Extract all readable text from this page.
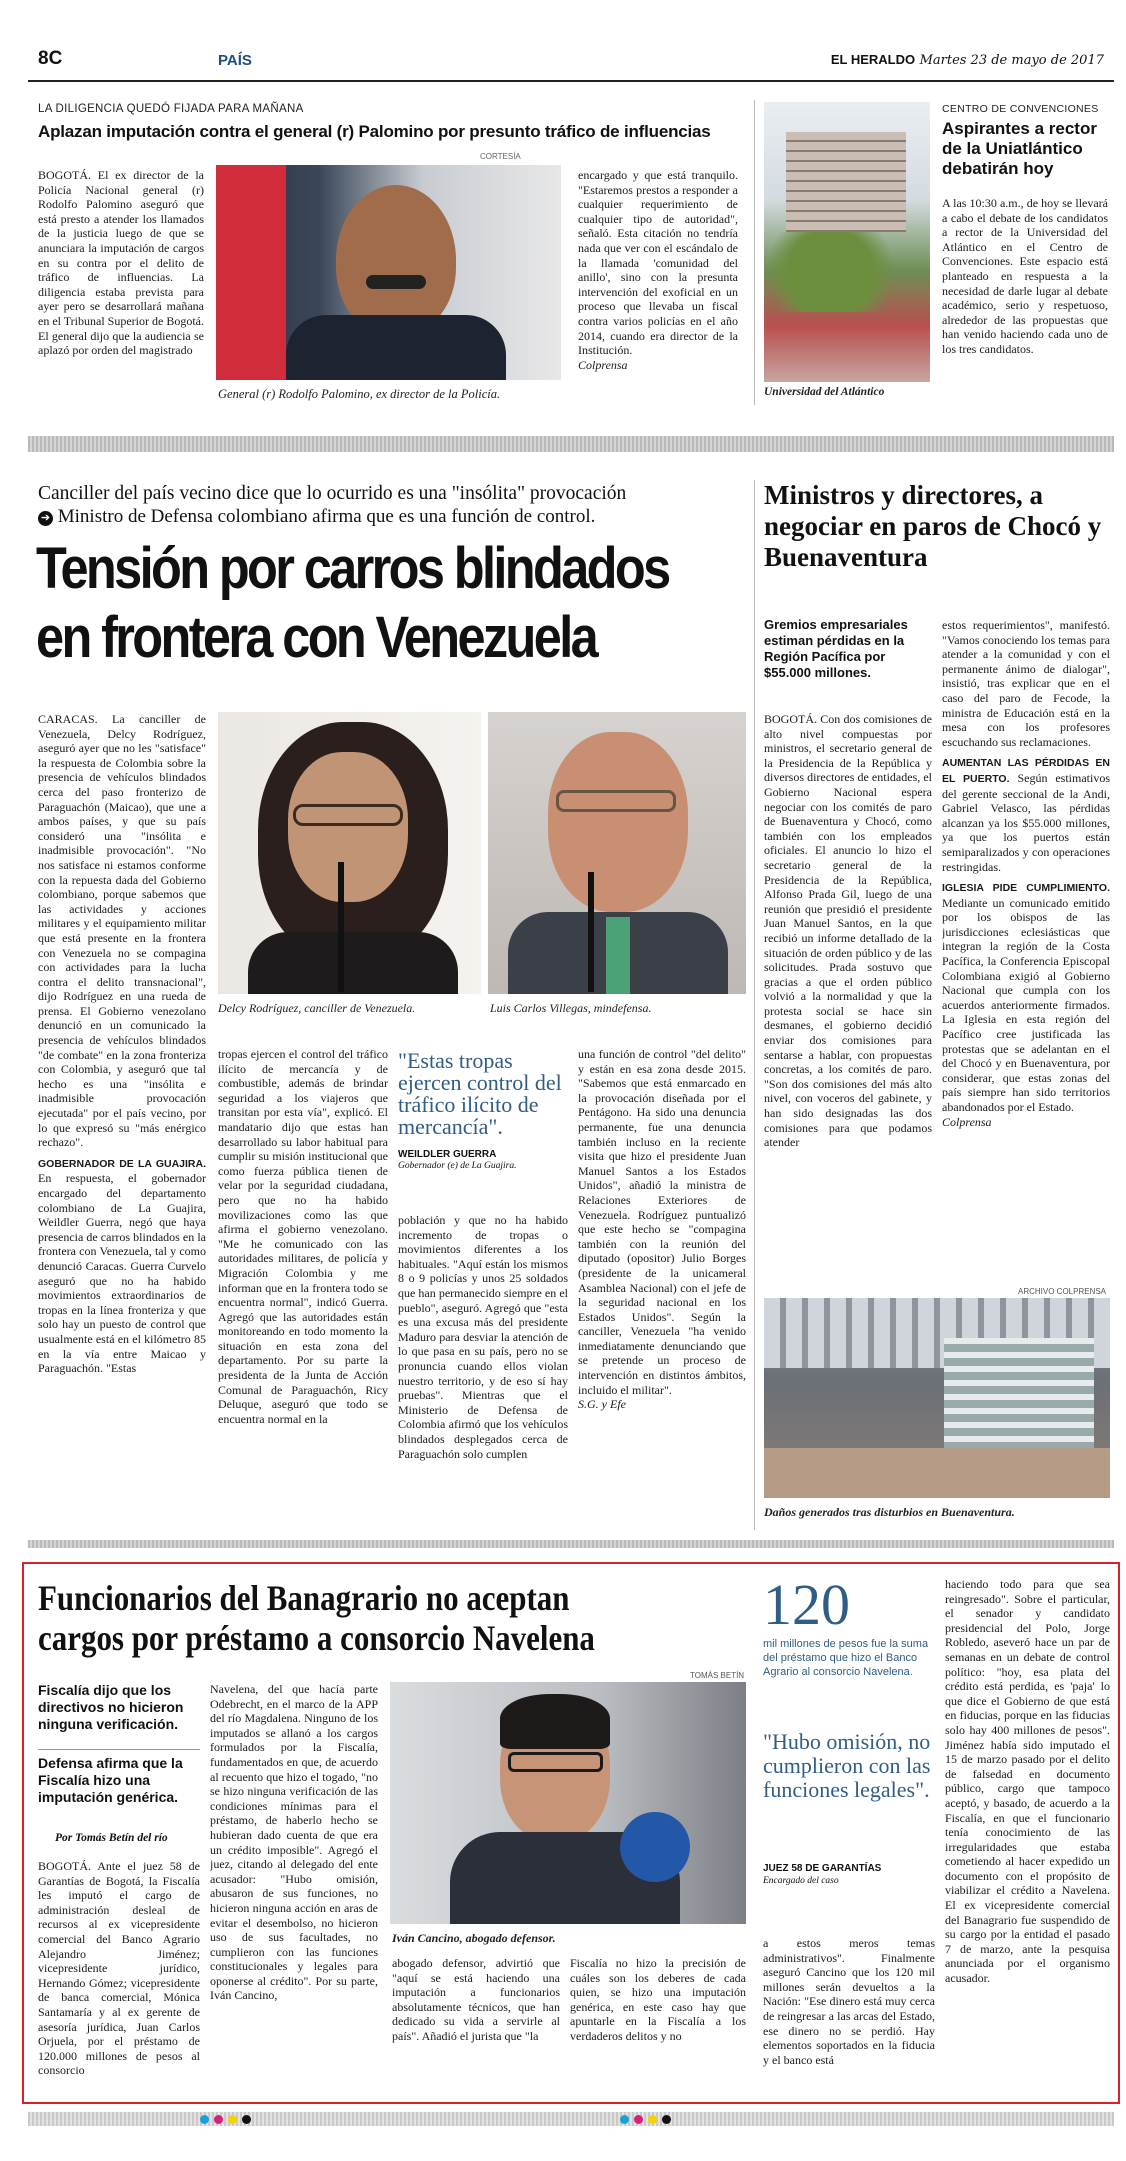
8C	PAÍS	EL HERALDO Martes 23 de mayo de 2017
LA DILIGENCIA QUEDÓ FIJADA PARA MAÑANA
Aplazan imputación contra el general (r) Palomino por presunto tráfico de influencias
CORTESÍA

BOGOTÁ. El ex director de la Policía Nacional general (r) Rodolfo Palomino aseguró que está presto a atender los llamados de la justicia luego de que se anunciara la imputación de cargos en su contra por el delito de tráfico de influencias. La diligencia estaba prevista para ayer pero se desarrollará mañana en el Tribunal Superior de Bogotá. El general dijo que la audiencia se aplazó por orden del magistrado

General (r) Rodolfo Palomino, ex director de la Policía.

encargado y que está tranquilo. "Estaremos prestos a responder a cualquier requerimiento de cualquier tipo de autoridad", señaló. Esta citación no tendría nada que ver con el escándalo de la llamada 'comunidad del anillo', sino con la presunta intervención del exoficial en un proceso que llevaba un fiscal contra varios policías en el año 2014, cuando era director de la Institución.

Colprensa

Universidad del Atlántico
CENTRO DE CONVENCIONES
Aspirantes a rector de la Uniatlántico debatirán hoy

A las 10:30 a.m., de hoy se llevará a cabo el debate de los candidatos a rector de la Universidad del Atlántico en el Centro de Convenciones. Este espacio está planteado en respuesta a la necesidad de darle lugar al debate académico, serio y respetuoso, alrededor de las propuestas que han venido haciendo cada uno de los tres candidatos.

Canciller del país vecino dice que lo ocurrido es una "insólita" provocación
➔ Ministro de Defensa colombiano afirma que es una función de control.
Tensión por carros blindados
en frontera con Venezuela

CARACAS. La canciller de Venezuela, Delcy Rodríguez, aseguró ayer que no les "satisface" la respuesta de Colombia sobre la presencia de vehículos blindados cerca del paso fronterizo de Paraguachón (Maicao), que une a ambos países, y que su país consideró una "insólita e inadmisible provocación". "No nos satisface ni estamos conforme con la repuesta dada del Gobierno colombiano, porque sabemos que las actividades y acciones militares y el equipamiento militar que está presente en la frontera con Venezuela no se compagina con actividades para la lucha contra el delito transnacional", dijo Rodríguez en una rueda de prensa. El Gobierno venezolano denunció en un comunicado la presencia de vehículos blindados "de combate" en la zona fronteriza con Colombia, y aseguró que tal hecho es una "insólita e inadmisible provocación ejecutada" por el país vecino, por lo que expresó su "más enérgico rechazo".

GOBERNADOR DE LA GUAJIRA. En respuesta, el gobernador encargado del departamento colombiano de La Guajira, Weildler Guerra, negó que haya presencia de carros blindados en la frontera con Venezuela, tal y como denunció Caracas. Guerra Curvelo aseguró que no ha habido movimientos extraordinarios de tropas en la línea fronteriza y que solo hay un puesto de control que usualmente está en el kilómetro 85 en la vía entre Maicao y Paraguachón. "Estas

Delcy Rodríguez, canciller de Venezuela.	Luis Carlos Villegas, mindefensa.

tropas ejercen el control del tráfico ilícito de mercancía y de combustible, además de brindar seguridad a los viajeros que transitan por esta vía", explicó. El mandatario dijo que estas han desarrollado su labor habitual para cumplir su misión institucional que como fuerza pública tienen de velar por la seguridad ciudadana, pero que no ha habido movilizaciones como las que afirma el gobierno venezolano. "Me he comunicado con las autoridades militares, de policía y Migración Colombia y me informan que en la frontera todo se encuentra normal", indicó Guerra. Agregó que las autoridades están monitoreando en todo momento la situación en esta zona del departamento. Por su parte la presidenta de la Junta de Acción Comunal de Paraguachón, Ricy Deluque, aseguró que todo se encuentra normal en la

"Estas tropas ejercen control del tráfico ilícito de mercancía".
WEILDLER GUERRA
Gobernador (e) de La Guajira.

población y que no ha habido incremento de tropas o movimientos diferentes a los habituales. "Aquí están los mismos 8 o 9 policías y unos 25 soldados que han permanecido siempre en el pueblo", aseguró. Agregó que "esta es una excusa más del presidente Maduro para desviar la atención de lo que pasa en su país, pero no se pronuncia cuando ellos violan nuestro territorio, y de eso sí hay pruebas". Mientras que el Ministerio de Defensa de Colombia afirmó que los vehículos blindados desplegados cerca de Paraguachón solo cumplen

una función de control "del delito" y están en esa zona desde 2015. "Sabemos que está enmarcado en la provocación diseñada por el Pentágono. Ha sido una denuncia permanente, fue una denuncia también incluso en la reciente visita que hizo el presidente Juan Manuel Santos a los Estados Unidos", añadió la ministra de Relaciones Exteriores de Venezuela. Rodríguez puntualizó que este hecho se "compagina también con la reunión del diputado (opositor) Julio Borges (presidente de la unicameral Asamblea Nacional) con el jefe de la seguridad nacional en los Estados Unidos". Según la canciller, Venezuela "ha venido inmediatamente denunciando que se pretende un proceso de intervención en distintos ámbitos, incluido el militar".

S.G. y Efe

Ministros y directores, a negociar en paros de Chocó y Buenaventura
Gremios empresariales estiman pérdidas en la Región Pacífica por $55.000 millones.

BOGOTÁ. Con dos comisiones de alto nivel compuestas por ministros, el secretario general de la Presidencia de la República y diversos directores de entidades, el Gobierno Nacional espera negociar con los comités de paro de Buenaventura y Chocó, como también con los empleados oficiales. El anuncio lo hizo el secretario general de la Presidencia de la República, Alfonso Prada Gil, luego de una reunión que presidió el presidente Juan Manuel Santos, en la que recibió un informe detallado de la situación de orden público y de las solicitudes. Prada sostuvo que gracias a que el orden público volvió a la normalidad y que la protesta social se hace sin desmanes, el gobierno decidió enviar dos comisiones para sentarse a hablar, con propuestas concretas, a los comités de paro. "Son dos comisiones del más alto nivel, con voceros del gabinete, y han sido designadas las dos comisiones para que podamos atender

estos requerimientos", manifestó. "Vamos conociendo los temas para atender a la comunidad y con el permanente ánimo de dialogar", insistió, tras explicar que en el caso del paro de Fecode, la ministra de Educación está en la mesa con los profesores escuchando sus reclamaciones.

AUMENTAN LAS PÉRDIDAS EN EL PUERTO. Según estimativos del gerente seccional de la Andi, Gabriel Velasco, las pérdidas alcanzan ya los $55.000 millones, ya que los puertos están semiparalizados y con operaciones restringidas.

IGLESIA PIDE CUMPLIMIENTO. Mediante un comunicado emitido por los obispos de las jurisdicciones eclesiásticas que integran la región de la Costa Pacífica, la Conferencia Episcopal Colombiana exigió al Gobierno Nacional que cumpla con los acuerdos anteriormente firmados. La Iglesia en esta región del Pacífico cree justificada las protestas que se adelantan en el del Chocó y en Buenaventura, por considerar, que estas zonas del país siempre han sido territorios abandonados por el Estado.

Colprensa

ARCHIVO COLPRENSA
Daños generados tras disturbios en Buenaventura.
Funcionarios del Banagrario no aceptan
cargos por préstamo a consorcio Navelena
Fiscalía dijo que los directivos no hicieron ninguna verificación.
Defensa afirma que la Fiscalía hizo una imputación genérica.
Por Tomás Betín del río

BOGOTÁ. Ante el juez 58 de Garantías de Bogotá, la Fiscalía les imputó el cargo de administración desleal de recursos al ex vicepresidente comercial del Banco Agrario Alejandro Jiménez; vicepresidente jurídico, Hernando Gómez; vicepresidente de banca comercial, Mónica Santamaría y al ex gerente de asesoría jurídica, Juan Carlos Orjuela, por el préstamo de 120.000 millones de pesos al consorcio

Navelena, del que hacía parte Odebrecht, en el marco de la APP del río Magdalena. Ninguno de los imputados se allanó a los cargos formulados por la Fiscalía, fundamentados en que, de acuerdo al recuento que hizo el togado, "no se hizo ninguna verificación de las condiciones mínimas para el préstamo, de haberlo hecho se hubieran dado cuenta de que era un crédito imposible". Agregó el juez, citando al delegado del ente acusador: "Hubo omisión, abusaron de sus funciones, no hicieron ninguna acción en aras de evitar el desembolso, no hicieron uso de sus facultades, no cumplieron con las funciones constitucionales y legales para oponerse al crédito". Por su parte, Iván Cancino,

TOMÁS BETÍN
Iván Cancino, abogado defensor.

abogado defensor, advirtió que "aquí se está haciendo una imputación a funcionarios absolutamente técnicos, que han dedicado su vida a servirle al país". Añadió el jurista que "la

Fiscalía no hizo la precisión de cuáles son los deberes de cada quien, se hizo una imputación genérica, en este caso hay que apuntarle en la Fiscalía a los verdaderos delitos y no

120
mil millones de pesos fue la suma del préstamo que hizo el Banco Agrario al consorcio Navelena.
"Hubo omisión, no cumplieron con las funciones legales".
JUEZ 58 DE GARANTÍAS
Encargado del caso

a estos meros temas administrativos". Finalmente aseguró Cancino que los 120 mil millones serán devueltos a la Nación: "Ese dinero está muy cerca de reingresar a las arcas del Estado, ese dinero no se perdió. Hay elementos soportados en la fiducia y el banco está

haciendo todo para que sea reingresado". Sobre el particular, el senador y candidato presidencial del Polo, Jorge Robledo, aseveró hace un par de semanas en un debate de control político: "hoy, esa plata del crédito está perdida, es 'paja' lo que dice el Gobierno de que está en fiducias, porque en las fiducias solo hay 400 millones de pesos". Jiménez había sido imputado el 15 de marzo pasado por el delito de falsedad en documento público, cargo que tampoco aceptó, y basado, de acuerdo a la Fiscalía, en que el funcionario tenía conocimiento de las irregularidades que estaba cometiendo al hacer expedido un documento con el propósito de viabilizar el crédito a Navelena. El ex vicepresidente comercial del Banagrario fue suspendido de su cargo por la entidad el pasado 7 de marzo, ante la pesquisa anunciada por el organismo acusador.
